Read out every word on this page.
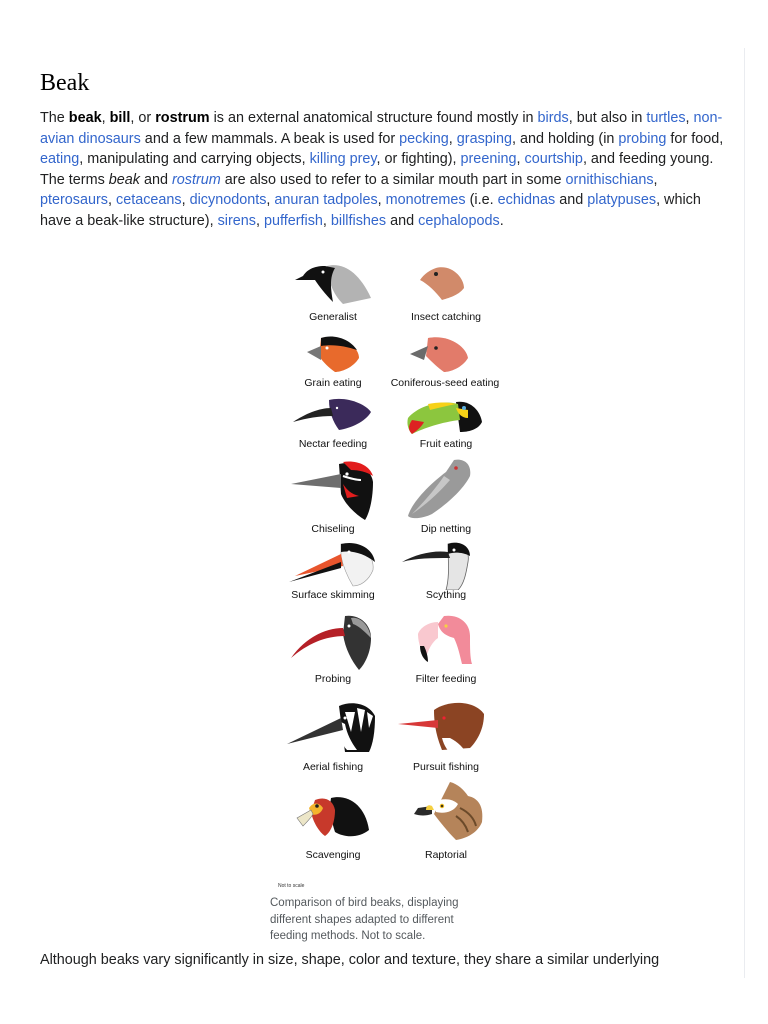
Beak

The beak, bill, or rostrum is an external anatomical structure found mostly in birds, but also in turtles, non-avian dinosaurs and a few mammals. A beak is used for pecking, grasping, and holding (in probing for food, eating, manipulating and carrying objects, killing prey, or fighting), preening, courtship, and feeding young. The terms beak and rostrum are also used to refer to a similar mouth part in some ornithischians, pterosaurs, cetaceans, dicynodonts, anuran tadpoles, monotremes (i.e. echidnas and platypuses, which have a beak-like structure), sirens, pufferfish, billfishes and cephalopods.

Generalist	Insect catching
Grain eating	Coniferous-seed eating
Nectar feeding	Fruit eating
Chiseling	Dip netting
Surface skimming	Scything
Probing	Filter feeding
Aerial fishing	Pursuit fishing
Scavenging	Raptorial
Not to scale
Comparison of bird beaks, displaying different shapes adapted to different feeding methods. Not to scale.

Although beaks vary significantly in size, shape, color and texture, they share a similar underlying
